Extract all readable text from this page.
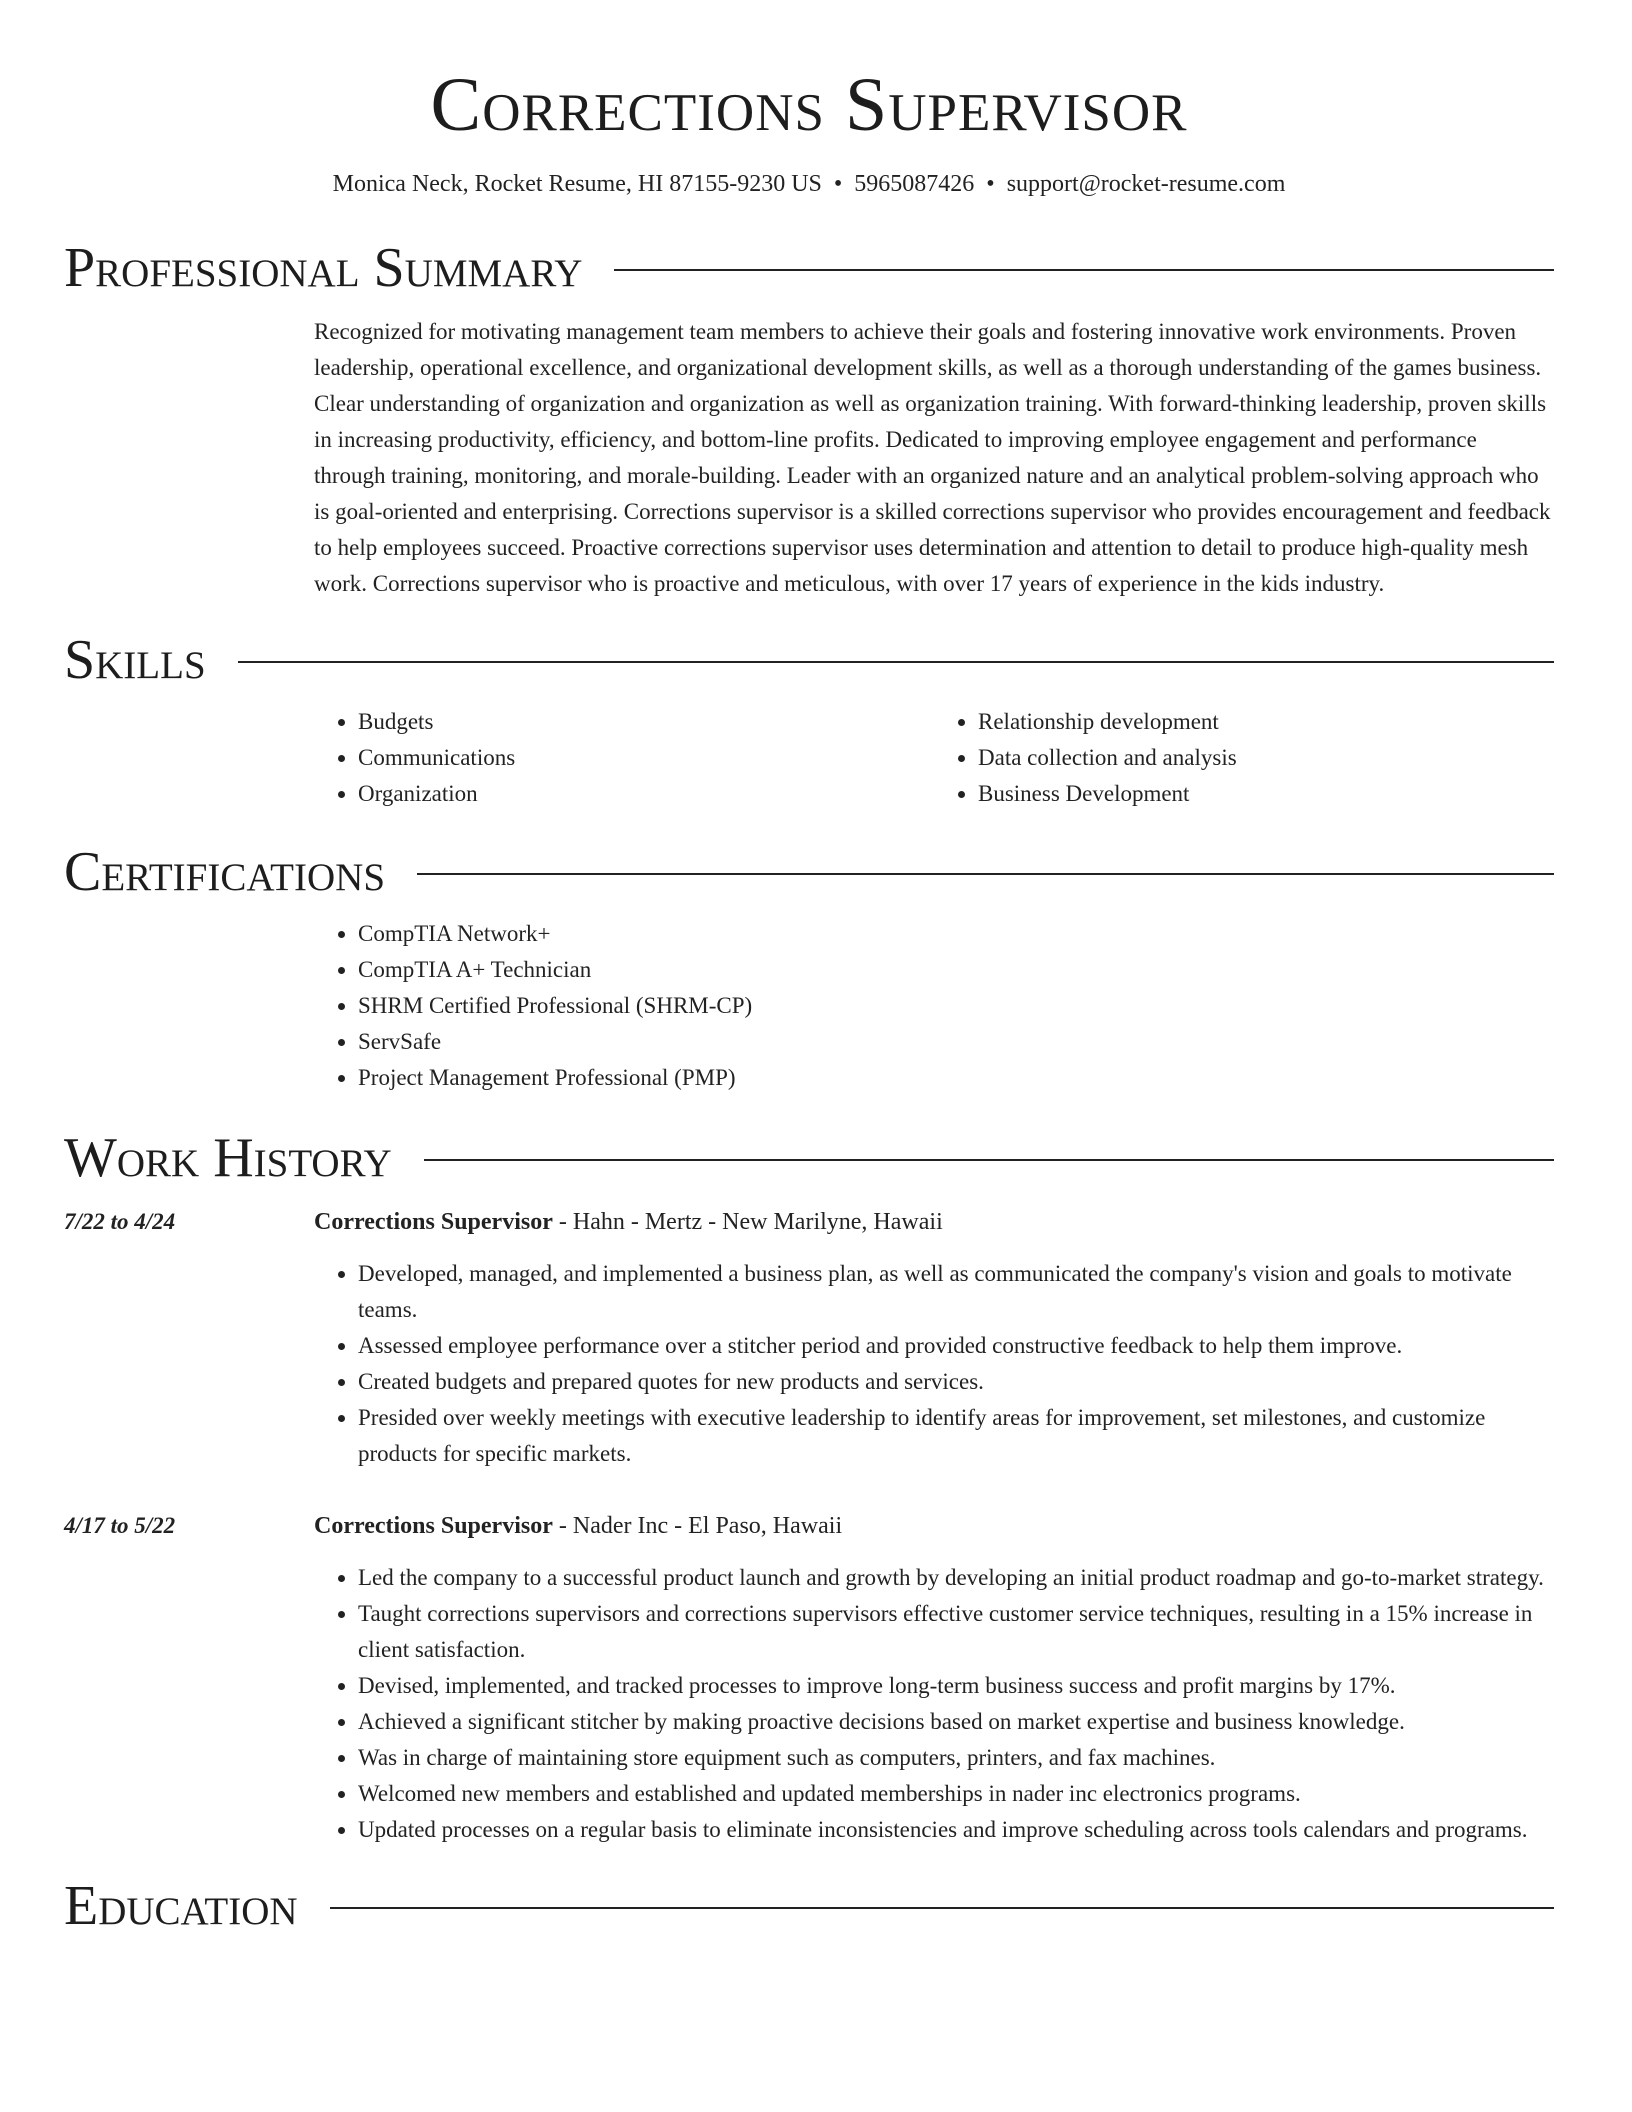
Corrections Supervisor
Monica Neck, Rocket Resume, HI 87155-9230 US • 5965087426 • support@rocket-resume.com
Professional Summary

Recognized for motivating management team members to achieve their goals and fostering innovative work environments. Proven leadership, operational excellence, and organizational development skills, as well as a thorough understanding of the games business. Clear understanding of organization and organization as well as organization training. With forward-thinking leadership, proven skills in increasing productivity, efficiency, and bottom-line profits. Dedicated to improving employee engagement and performance through training, monitoring, and morale-building. Leader with an organized nature and an analytical problem-solving approach who is goal-oriented and enterprising. Corrections supervisor is a skilled corrections supervisor who provides encouragement and feedback to help employees succeed. Proactive corrections supervisor uses determination and attention to detail to produce high-quality mesh work. Corrections supervisor who is proactive and meticulous, with over 17 years of experience in the kids industry.

Skills
• Budgets
• Communications
• Organization
• Relationship development
• Data collection and analysis
• Business Development
Certifications
• CompTIA Network+
• CompTIA A+ Technician
• SHRM Certified Professional (SHRM-CP)
• ServSafe
• Project Management Professional (PMP)
Work History
7/22 to 4/24	Corrections Supervisor - Hahn - Mertz - New Marilyne, Hawaii
• Developed, managed, and implemented a business plan, as well as communicated the company's vision and goals to motivate teams.
• Assessed employee performance over a stitcher period and provided constructive feedback to help them improve.
• Created budgets and prepared quotes for new products and services.
• Presided over weekly meetings with executive leadership to identify areas for improvement, set milestones, and customize products for specific markets.
4/17 to 5/22	Corrections Supervisor - Nader Inc - El Paso, Hawaii
• Led the company to a successful product launch and growth by developing an initial product roadmap and go-to-market strategy.
• Taught corrections supervisors and corrections supervisors effective customer service techniques, resulting in a 15% increase in client satisfaction.
• Devised, implemented, and tracked processes to improve long-term business success and profit margins by 17%.
• Achieved a significant stitcher by making proactive decisions based on market expertise and business knowledge.
• Was in charge of maintaining store equipment such as computers, printers, and fax machines.
• Welcomed new members and established and updated memberships in nader inc electronics programs.
• Updated processes on a regular basis to eliminate inconsistencies and improve scheduling across tools calendars and programs.
Education
